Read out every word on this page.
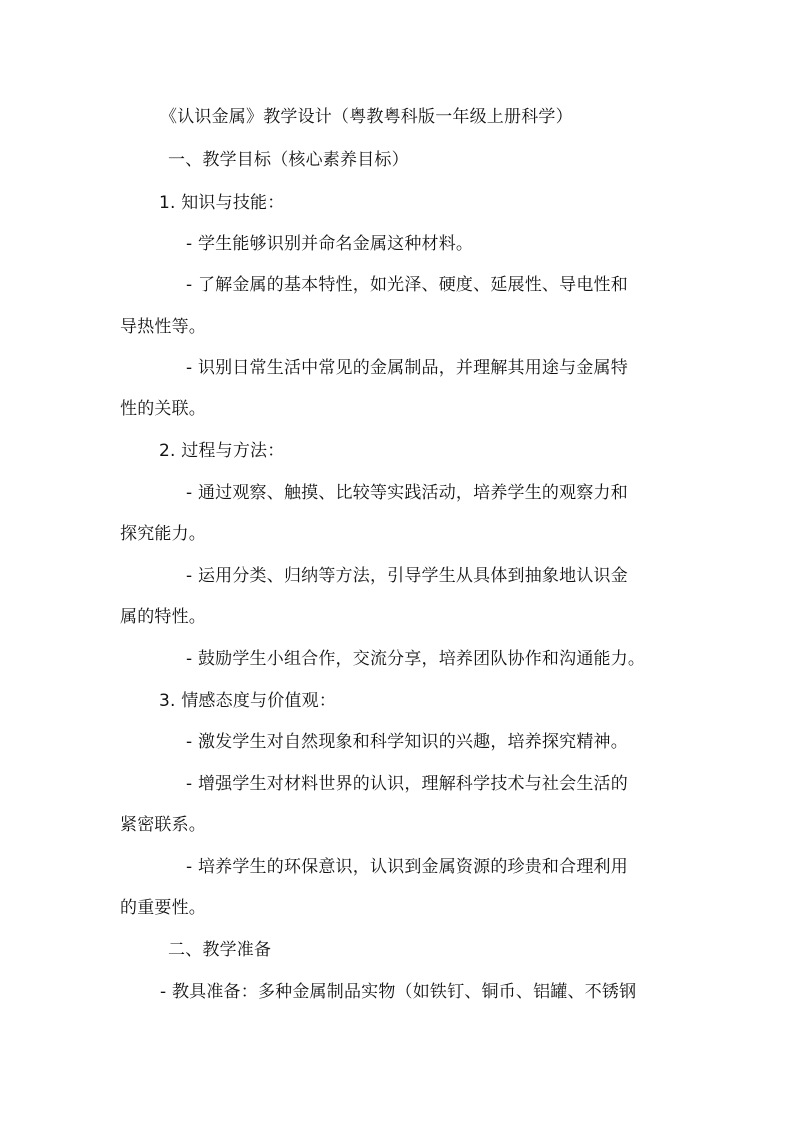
《认识金属》教学设计（粤教粤科版一年级上册科学）
一、教学目标（核心素养目标）
1. 知识与技能：
- 学生能够识别并命名金属这种材料。
- 了解金属的基本特性，如光泽、硬度、延展性、导电性和
导热性等。
- 识别日常生活中常见的金属制品，并理解其用途与金属特
性的关联。
2. 过程与方法：
- 通过观察、触摸、比较等实践活动，培养学生的观察力和
探究能力。
- 运用分类、归纳等方法，引导学生从具体到抽象地认识金
属的特性。
- 鼓励学生小组合作，交流分享，培养团队协作和沟通能力。
3. 情感态度与价值观：
- 激发学生对自然现象和科学知识的兴趣，培养探究精神。
- 增强学生对材料世界的认识，理解科学技术与社会生活的
紧密联系。
- 培养学生的环保意识，认识到金属资源的珍贵和合理利用
的重要性。
二、教学准备
- 教具准备：多种金属制品实物（如铁钉、铜币、铝罐、不锈钢
